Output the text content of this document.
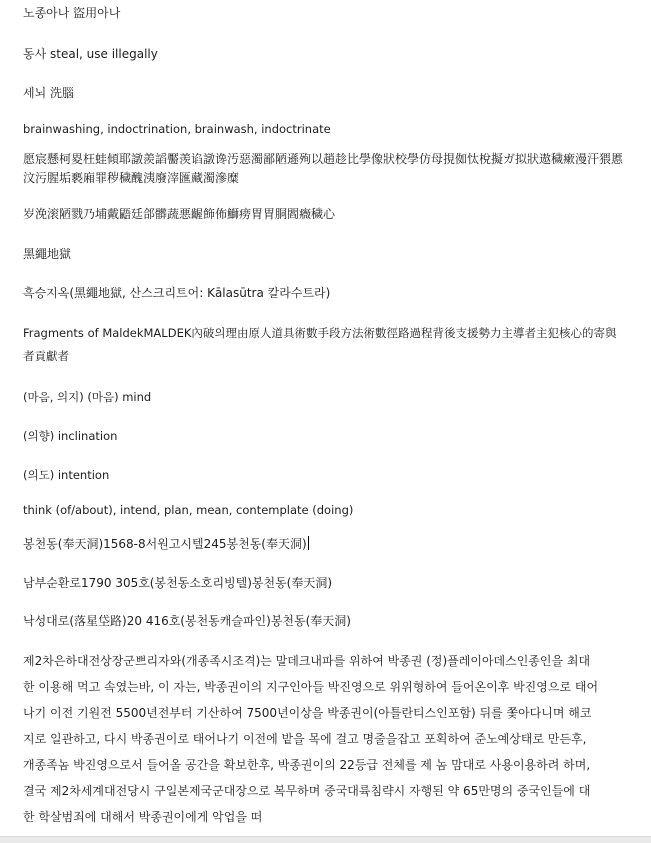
노종아나 盜用아나

동사 steal, use illegally

세뇌 洗腦

brainwashing, indoctrination, brainwash, indoctrinate

愿宸懸柯畟枉蛙傾耶譈羨謟靨羡谄譈谗汚惡濁鄙陋遜殉以趙趁比學像狀校學仿母挸侞忲梲擬ガ拟狀遨穢瘶漫汗猥慝汶污腥垢褻廂罪秽穢醜洟廢滓匯藏濁滲糜

岁浼滚陋戮乃埔戴鼯廷郃髒蔬悪齷飾佈鰤痨胃胃胴閻癓穢心

黑繩地獄

흑승지옥(黑繩地獄, 산스크리트어: Kālasūtra 칼라수트라)

Fragments of MaldekMALDEK內破의理由原人道具術數手段方法術數徑路過程背後支援勢力主導者主犯核心的寄與者貢獻者

(마음, 의지) (마음) mind

(의향) inclination

(의도) intention

think (of/about), intend, plan, mean, contemplate (doing)

봉천동(奉天洞)1568-8서원고시텔245봉천동(奉天洞)

남부순환로1790 305호(봉천동소호리빙텔)봉천동(奉天洞)

낙성대로(落星垈路)20 416호(봉천동캐슬파인)봉천동(奉天洞)

제2차은하대전상장군쁘리자와(개종족시조격)는 말데크내파를 위하여 박종권 (정)플레이아데스인종인을 최대한 이용해 먹고 속였는바, 이 자는, 박종권이의 지구인아들 박진영으로 위위형하여 들어온이후 박진영으로 태어나기 이전 기원전 5500년전부터 기산하여 7500년이상을 박종권이(아틀란티스인포함) 뒤를 쫓아다니며 해코지로 일관하고, 다시 박종권이로 태어나기 이전에 밭을 목에 걸고 명줄을잡고 포획하여 준노예상태로 만든후, 개종족놈 박진영으로서 들어올 공간을 확보한후, 박종권이의 22등급 전체를 제 놈 맘대로 사용이용하려 하며, 결국 제2차세계대전당시 구일본제국군대장으로 복무하며 중국대륙침략시 자행된 약 65만명의 중국인들에 대한 학살범죄에 대해서 박종권이에게 악업을 떠
